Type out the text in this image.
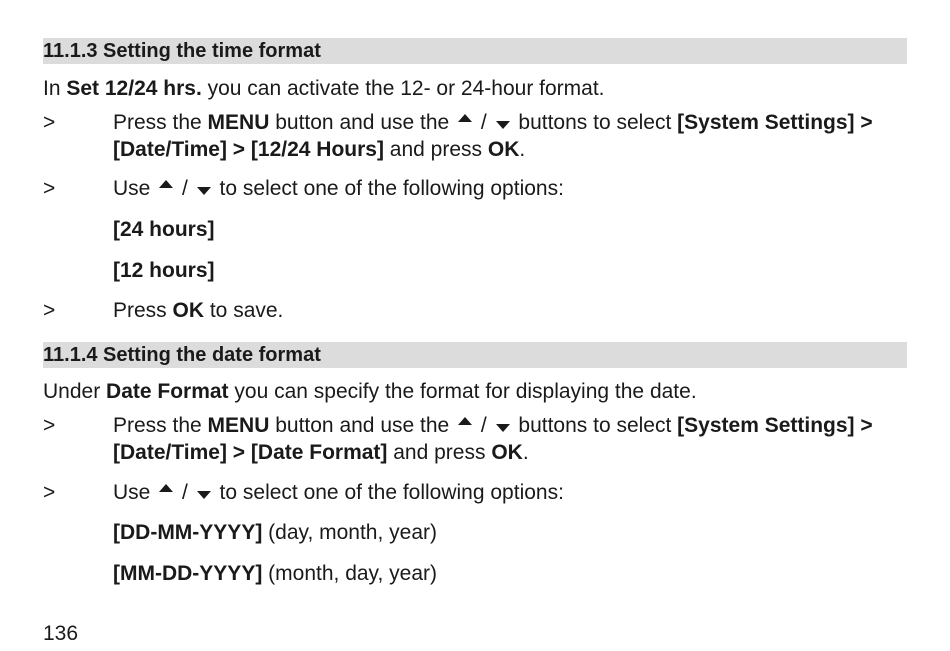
11.1.3 Setting the time format
In Set 12/24 hrs. you can activate the 12- or 24-hour format.
>	Press the MENU button and use the  /  buttons to select [System Settings] > [Date/Time] > [12/24 Hours] and press OK.
>	Use  /  to select one of the following options:
[24 hours]
[12 hours]
>	Press OK to save.
11.1.4 Setting the date format
Under Date Format you can specify the format for displaying the date.
>	Press the MENU button and use the  /  buttons to select [System Settings] > [Date/Time] > [Date Format] and press OK.
>	Use  /  to select one of the following options:
[DD-MM-YYYY] (day, month, year)
[MM-DD-YYYY] (month, day, year)
136
